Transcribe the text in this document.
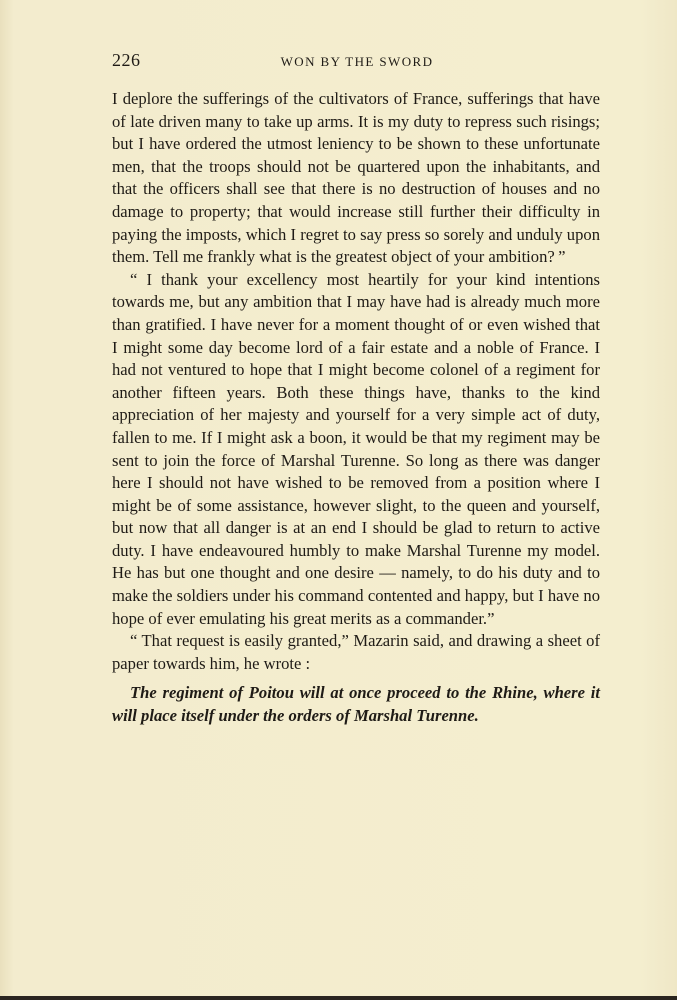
226	WON BY THE SWORD

I deplore the sufferings of the cultivators of France, sufferings that have of late driven many to take up arms. It is my duty to repress such risings; but I have ordered the utmost leniency to be shown to these unfortunate men, that the troops should not be quartered upon the inhabitants, and that the officers shall see that there is no destruction of houses and no damage to property; that would increase still further their difficulty in paying the imposts, which I regret to say press so sorely and unduly upon them. Tell me frankly what is the greatest object of your ambition? ”

“ I thank your excellency most heartily for your kind intentions towards me, but any ambition that I may have had is already much more than gratified. I have never for a moment thought of or even wished that I might some day become lord of a fair estate and a noble of France. I had not ventured to hope that I might become colonel of a regiment for another fifteen years. Both these things have, thanks to the kind appreciation of her majesty and yourself for a very simple act of duty, fallen to me. If I might ask a boon, it would be that my regiment may be sent to join the force of Marshal Turenne. So long as there was danger here I should not have wished to be removed from a position where I might be of some assistance, however slight, to the queen and yourself, but now that all danger is at an end I should be glad to return to active duty. I have endeavoured humbly to make Marshal Turenne my model. He has but one thought and one desire — namely, to do his duty and to make the soldiers under his command contented and happy, but I have no hope of ever emulating his great merits as a commander.”

“ That request is easily granted,” Mazarin said, and drawing a sheet of paper towards him, he wrote :

The regiment of Poitou will at once proceed to the Rhine, where it will place itself under the orders of Marshal Turenne.
